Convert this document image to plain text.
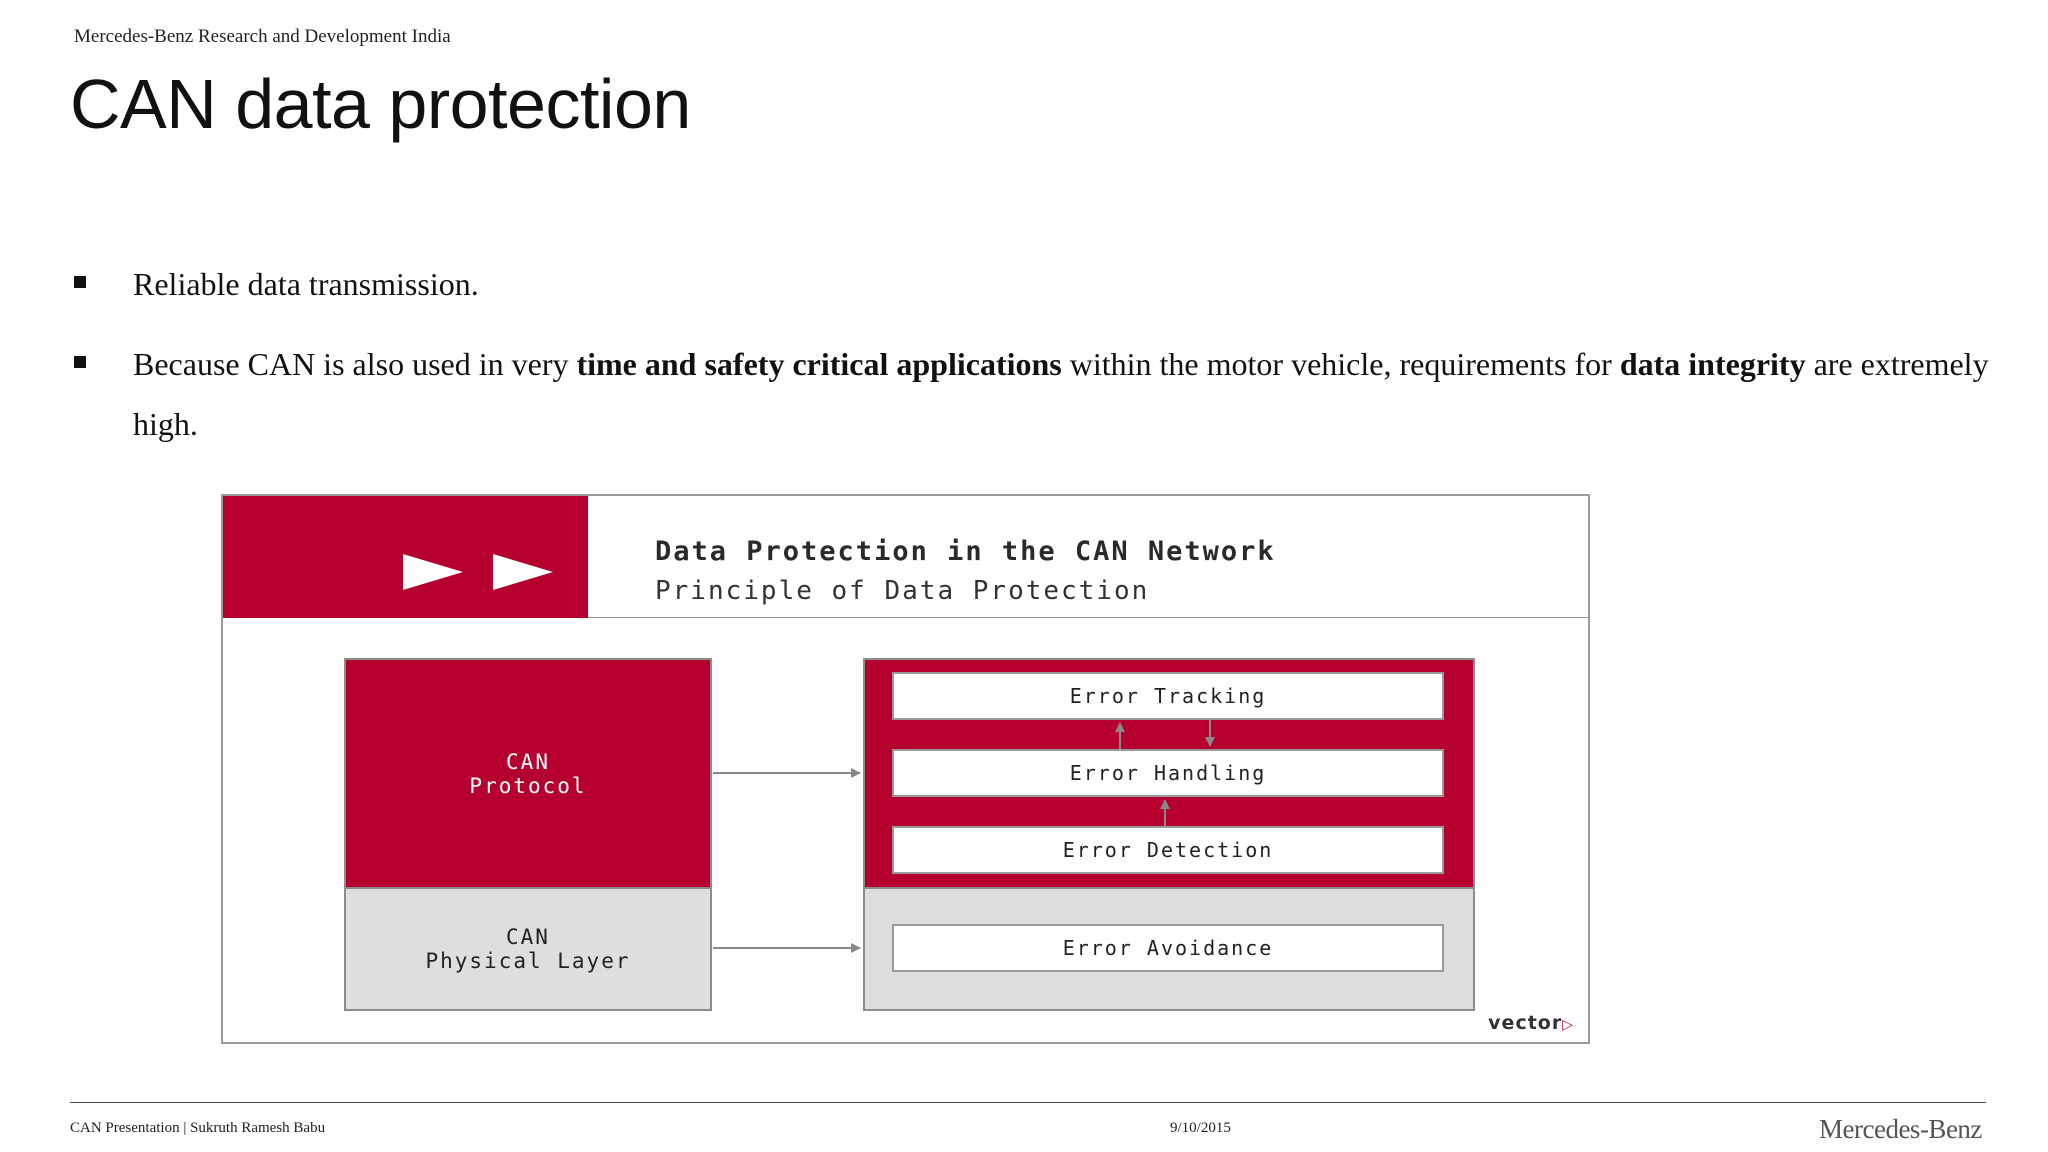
Mercedes-Benz Research and Development India
CAN data protection
Reliable data transmission.
Because CAN is also used in very time and safety critical applications within the motor vehicle, requirements for data integrity are extremely high.
Data Protection in the CAN Network
Principle of Data Protection
CAN
Protocol
CAN
Physical Layer
Error Tracking
Error Handling
Error Detection
Error Avoidance
vector▷
CAN Presentation | Sukruth Ramesh Babu	9/10/2015	Mercedes-Benz
